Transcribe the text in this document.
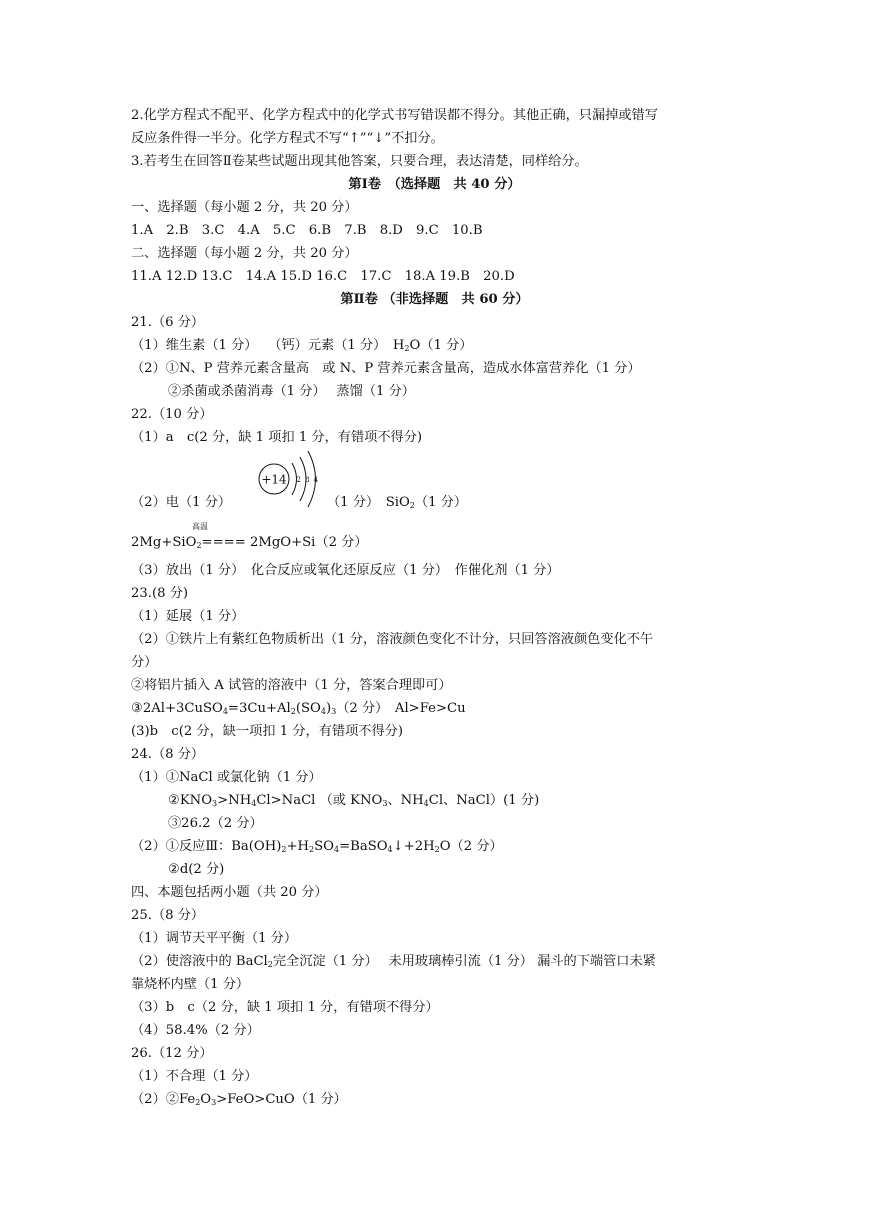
2.化学方程式不配平、化学方程式中的化学式书写错误都不得分。其他正确，只漏掉或错写
反应条件得一半分。化学方程式不写“↑”“↓”不扣分。
3.若考生在回答Ⅱ卷某些试题出现其他答案，只要合理，表达清楚，同样给分。
第Ⅰ卷　（选择题　共 40 分）
一、选择题（每小题 2 分，共 20 分）
1.A　2.B　3.C　4.A　5.C　6.B　7.B　8.D　9.C　10.B
二、选择题（每小题 2 分，共 20 分）
11.A 12.D 13.C　14.A 15.D 16.C　17.C　18.A 19.B　20.D
第Ⅱ卷 （非选择题　共 60 分）
21.（6 分）
（1）维生素（1 分）　 （钙）元素（1 分）　$H_2O(1$ 分）
（2）①N、P 营养元素含量高　或 N、P 营养元素含量高，造成水体富营养化（1 分）
②杀菌或杀菌消毒（1 分）　 蒸馏（1 分）
22.（10 分）
（1）a　c(2 分，缺 1 项扣 1 分，有错项不得分)
+14 2 8 4
（2）电（1 分）	（1 分）　SiO$_2$（1 分）
高温
2Mg+SiO$_2$==== 2MgO+Si（2 分）
（3）放出（1 分）　化合反应或氧化还原反应（1 分）　作催化剂（1 分）
23.(8 分)
（1）延展（1 分）
（2）①铁片上有紫红色物质析出（1 分，溶液颜色变化不计分，只回答溶液颜色变化不午
分）
②将铝片插入 A 试管的溶液中（1 分，答案合理即可）
$③2Al+3CuSO_4=3Cu+Al_2(SO_4)_3(2$ 分）　Al>Fe>Cu
(3)b　c(2 分，缺一项扣 1 分，有错项不得分)
24.（8 分）
（1）①NaCl 或氯化钠（1 分）
$②KNO_3>NH_4Cl>NaCl$ （或 $KNO_3$、$NH_4Cl$、NaCl）(1 分)
③26.2（2 分）
（2）①反应Ⅲ：$Ba(OH)_2+H_2SO_4=BaSO_4↓+2H_2O(2$ 分）
②d(2 分)
四、本题包括两小题（共 20 分）
25.（8 分）
（1）调节天平平衡（1 分）
（2）使溶液中的 BaCl$_2$完全沉淀（1 分）　 未用玻璃棒引流（1 分） 漏斗的下端管口未紧
靠烧杯内壁（1 分）
（3）b　c（2 分，缺 1 项扣 1 分，有错项不得分）
（4）58.4%（2 分）
26.（12 分）
（1）不合理（1 分）
$(2)②Fe_2O_3>FeO>CuO(1$ 分）
